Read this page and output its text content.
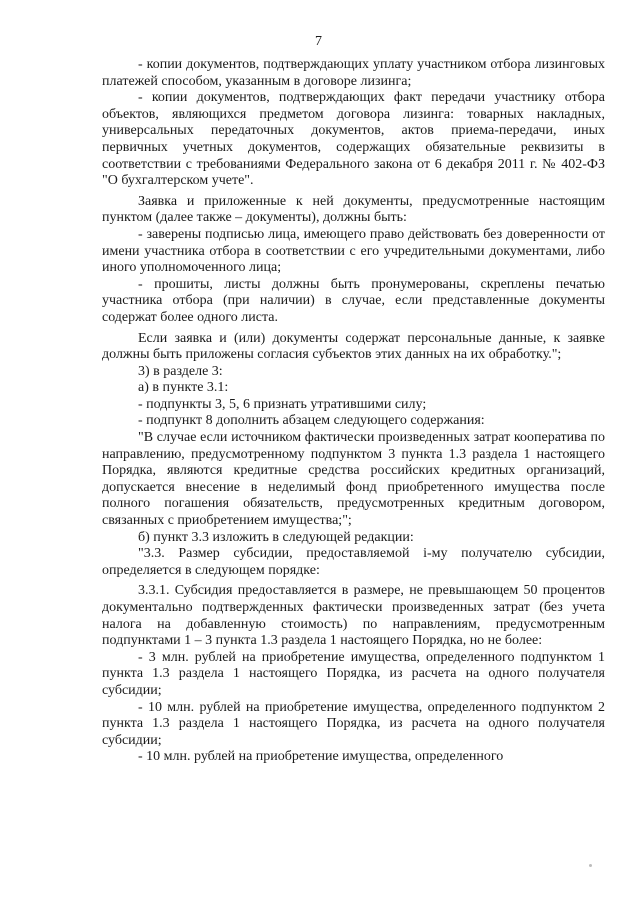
7

- копии документов, подтверждающих уплату участником отбора лизинговых платежей способом, указанным в договоре лизинга;

- копии документов, подтверждающих факт передачи участнику отбора объектов, являющихся предметом договора лизинга: товарных накладных, универсальных передаточных документов, актов приема-передачи, иных первичных учетных документов, содержащих обязательные реквизиты в соответствии с требованиями Федерального закона от 6 декабря 2011 г. № 402-ФЗ "О бухгалтерском учете".

Заявка и приложенные к ней документы, предусмотренные настоящим пунктом (далее также – документы), должны быть:

- заверены подписью лица, имеющего право действовать без доверенности от имени участника отбора в соответствии с его учредительными документами, либо иного уполномоченного лица;

- прошиты, листы должны быть пронумерованы, скреплены печатью участника отбора (при наличии) в случае, если представленные документы содержат более одного листа.

Если заявка и (или) документы содержат персональные данные, к заявке должны быть приложены согласия субъектов этих данных на их обработку.";

3) в разделе 3:

а) в пункте 3.1:

- подпункты 3, 5, 6 признать утратившими силу;

- подпункт 8 дополнить абзацем следующего содержания:

"В случае если источником фактически произведенных затрат кооператива по направлению, предусмотренному подпунктом 3 пункта 1.3 раздела 1 настоящего Порядка, являются кредитные средства российских кредитных организаций, допускается внесение в неделимый фонд приобретенного имущества после полного погашения обязательств, предусмотренных кредитным договором, связанных с приобретением имущества;";

б) пункт 3.3 изложить в следующей редакции:

"3.3. Размер субсидии, предоставляемой i-му получателю субсидии, определяется в следующем порядке:

3.3.1. Субсидия предоставляется в размере, не превышающем 50 процентов документально подтвержденных фактически произведенных затрат (без учета налога на добавленную стоимость) по направлениям, предусмотренным подпунктами 1 – 3 пункта 1.3 раздела 1 настоящего Порядка, но не более:

- 3 млн. рублей на приобретение имущества, определенного подпунктом 1 пункта 1.3 раздела 1 настоящего Порядка, из расчета на одного получателя субсидии;

- 10 млн. рублей на приобретение имущества, определенного подпунктом 2 пункта 1.3 раздела 1 настоящего Порядка, из расчета на одного получателя субсидии;

- 10 млн. рублей на приобретение имущества, определенного
